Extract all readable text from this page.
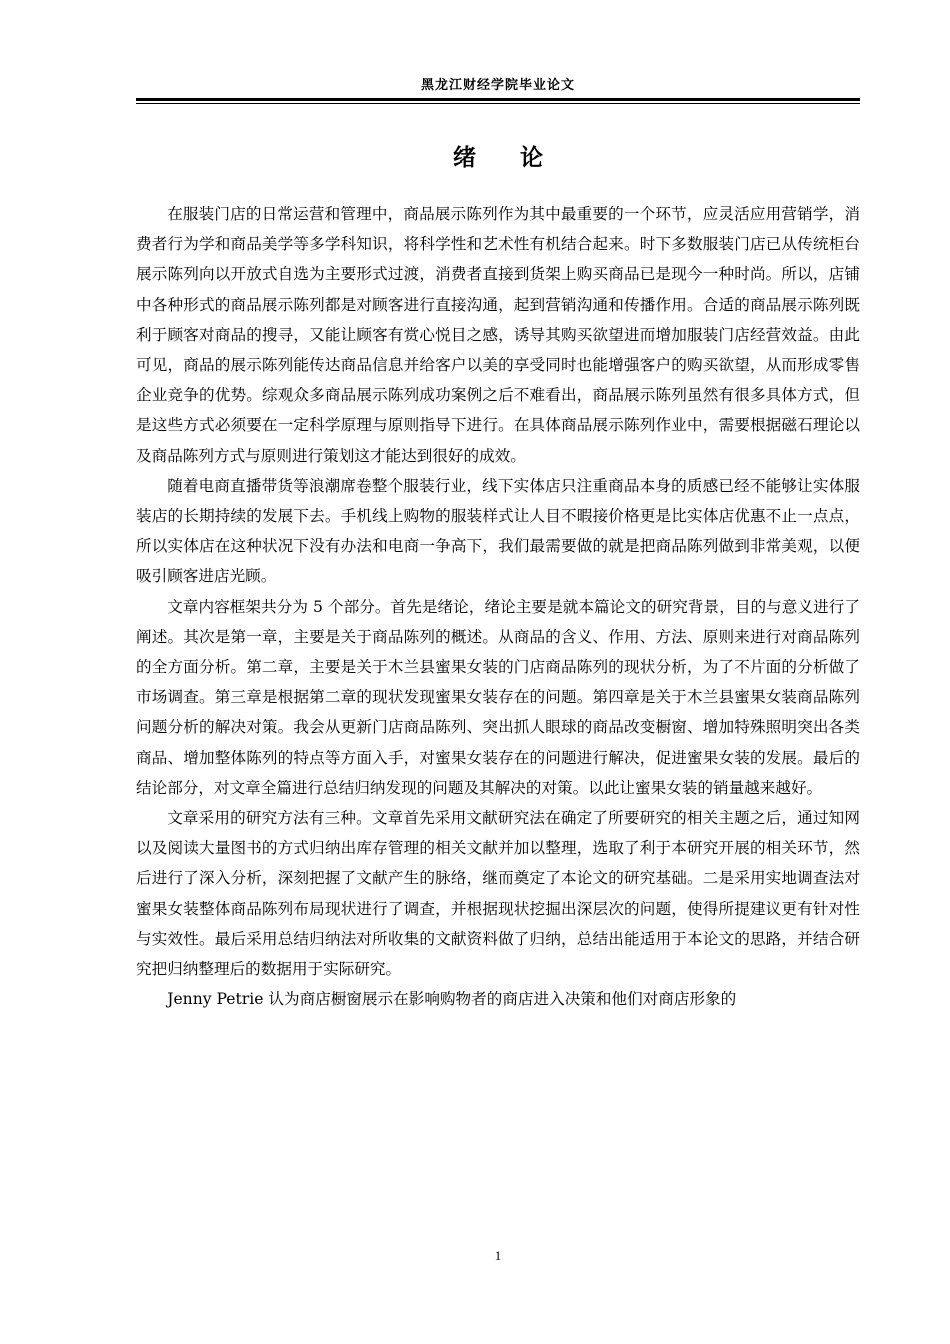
黑龙江财经学院毕业论文
绪论

在服装门店的日常运营和管理中，商品展示陈列作为其中最重要的一个环节，应灵活应用营销学，消费者行为学和商品美学等多学科知识，将科学性和艺术性有机结合起来。时下多数服装门店已从传统柜台展示陈列向以开放式自选为主要形式过渡，消费者直接到货架上购买商品已是现今一种时尚。所以，店铺中各种形式的商品展示陈列都是对顾客进行直接沟通，起到营销沟通和传播作用。合适的商品展示陈列既利于顾客对商品的搜寻，又能让顾客有赏心悦目之感，诱导其购买欲望进而增加服装门店经营效益。由此可见，商品的展示陈列能传达商品信息并给客户以美的享受同时也能增强客户的购买欲望，从而形成零售企业竞争的优势。综观众多商品展示陈列成功案例之后不难看出，商品展示陈列虽然有很多具体方式，但是这些方式必须要在一定科学原理与原则指导下进行。在具体商品展示陈列作业中，需要根据磁石理论以及商品陈列方式与原则进行策划这才能达到很好的成效。

随着电商直播带货等浪潮席卷整个服装行业，线下实体店只注重商品本身的质感已经不能够让实体服装店的长期持续的发展下去。手机线上购物的服装样式让人目不暇接价格更是比实体店优惠不止一点点，所以实体店在这种状况下没有办法和电商一争高下，我们最需要做的就是把商品陈列做到非常美观，以便吸引顾客进店光顾。

文章内容框架共分为 5 个部分。首先是绪论，绪论主要是就本篇论文的研究背景，目的与意义进行了阐述。其次是第一章，主要是关于商品陈列的概述。从商品的含义、作用、方法、原则来进行对商品陈列的全方面分析。第二章，主要是关于木兰县蜜果女装的门店商品陈列的现状分析，为了不片面的分析做了市场调查。第三章是根据第二章的现状发现蜜果女装存在的问题。第四章是关于木兰县蜜果女装商品陈列问题分析的解决对策。我会从更新门店商品陈列、突出抓人眼球的商品改变橱窗、增加特殊照明突出各类商品、增加整体陈列的特点等方面入手，对蜜果女装存在的问题进行解决，促进蜜果女装的发展。最后的结论部分，对文章全篇进行总结归纳发现的问题及其解决的对策。以此让蜜果女装的销量越来越好。

文章采用的研究方法有三种。文章首先采用文献研究法在确定了所要研究的相关主题之后，通过知网以及阅读大量图书的方式归纳出库存管理的相关文献并加以整理，选取了利于本研究开展的相关环节，然后进行了深入分析，深刻把握了文献产生的脉络，继而奠定了本论文的研究基础。二是采用实地调查法对蜜果女装整体商品陈列布局现状进行了调查，并根据现状挖掘出深层次的问题，使得所提建议更有针对性与实效性。最后采用总结归纳法对所收集的文献资料做了归纳，总结出能适用于本论文的思路，并结合研究把归纳整理后的数据用于实际研究。

Jenny Petrie 认为商店橱窗展示在影响购物者的商店进入决策和他们对商店形象的

1
